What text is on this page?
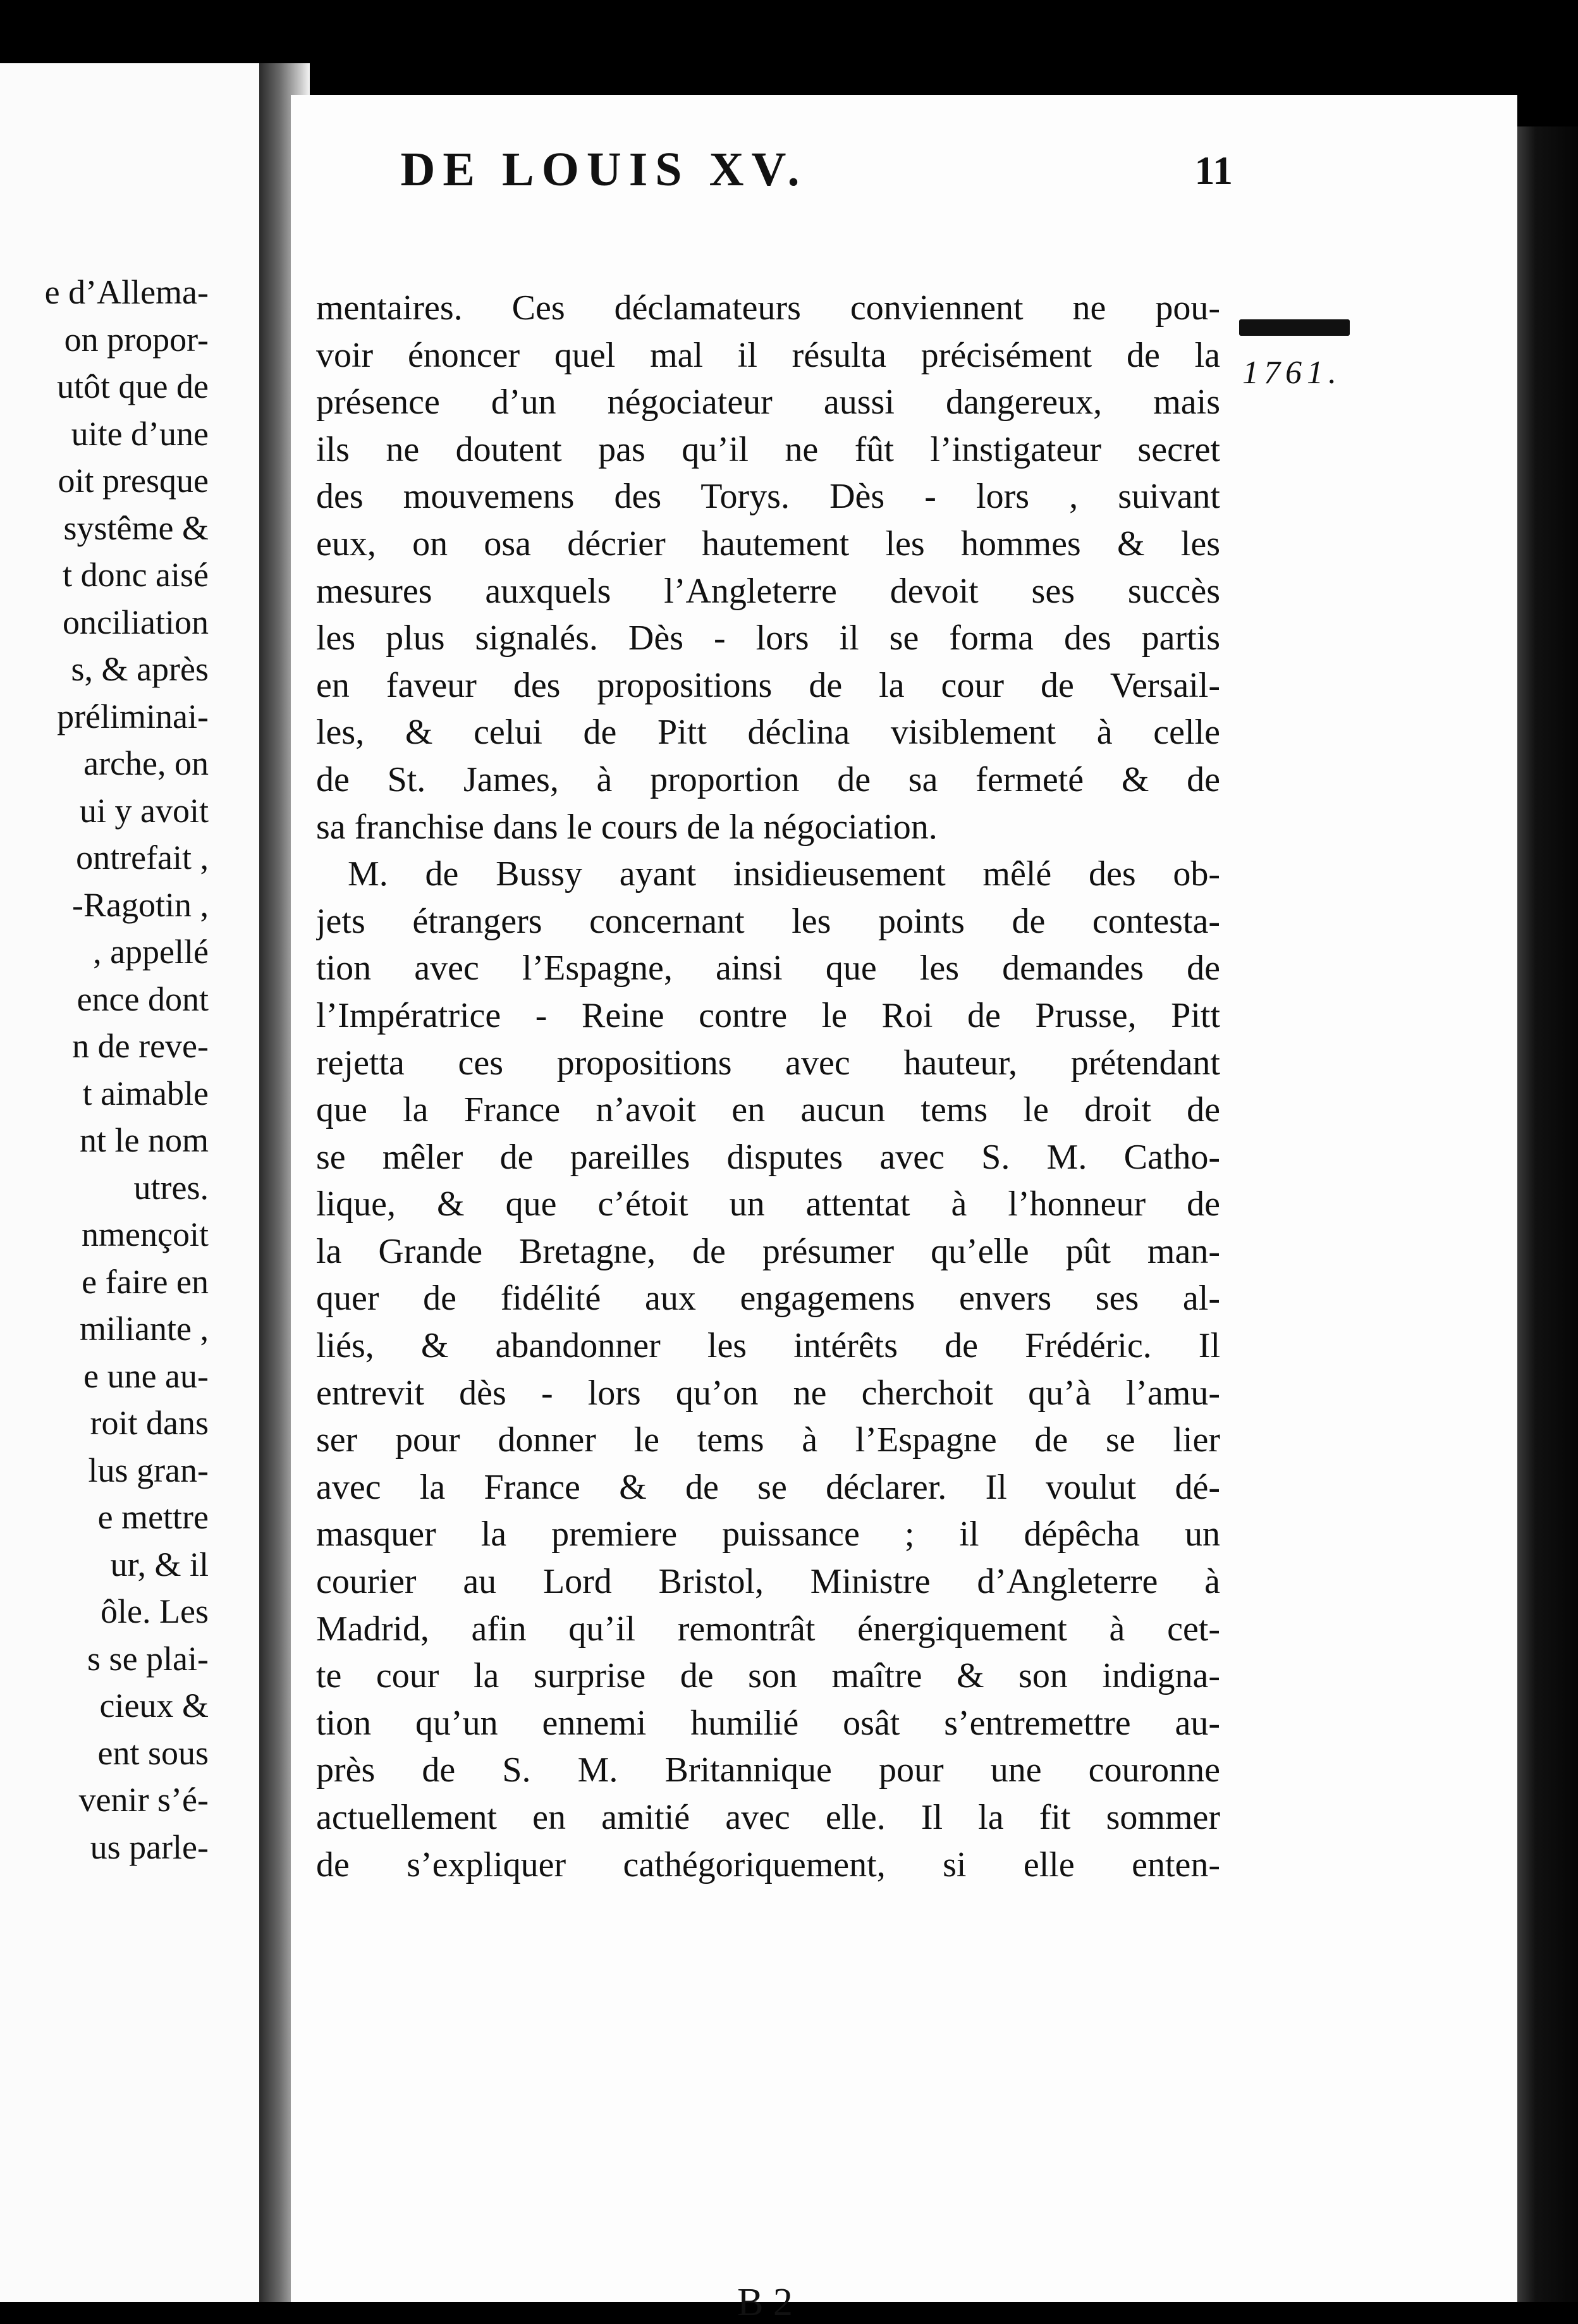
e d’Allema-
on propor-
utôt que de
uite d’une
oit presque
systême &
t donc aisé
onciliation
s, & après
préliminai-
arche, on
ui y avoit
ontrefait ,
-Ragotin ,
, appellé
ence dont
n de reve-
t aimable
nt le nom
utres.
nmençoit
e faire en
miliante ,
e une au-
roit dans
lus gran-
e mettre
ur, & il
ôle. Les
s se plai-
cieux &
ent sous
venir s’é-
us parle-
DE LOUIS XV.	11
1761.
mentaires. Ces déclamateurs conviennent ne pou-
voir énoncer quel mal il résulta précisément de la
présence d’un négociateur aussi dangereux, mais
ils ne doutent pas qu’il ne fût l’instigateur secret
des mouvemens des Torys. Dès - lors , suivant
eux, on osa décrier hautement les hommes & les
mesures auxquels l’Angleterre devoit ses succès
les plus signalés. Dès - lors il se forma des partis
en faveur des propositions de la cour de Versail-
les, & celui de Pitt déclina visiblement à celle
de St. James, à proportion de sa fermeté & de
sa franchise dans le cours de la négociation.
M. de Bussy ayant insidieusement mêlé des ob-
jets étrangers concernant les points de contesta-
tion avec l’Espagne, ainsi que les demandes de
l’Impératrice - Reine contre le Roi de Prusse, Pitt
rejetta ces propositions avec hauteur, prétendant
que la France n’avoit en aucun tems le droit de
se mêler de pareilles disputes avec S. M. Catho-
lique, & que c’étoit un attentat à l’honneur de
la Grande Bretagne, de présumer qu’elle pût man-
quer de fidélité aux engagemens envers ses al-
liés, & abandonner les intérêts de Frédéric. Il
entrevit dès - lors qu’on ne cherchoit qu’à l’amu-
ser pour donner le tems à l’Espagne de se lier
avec la France & de se déclarer. Il voulut dé-
masquer la premiere puissance ; il dépêcha un
courier au Lord Bristol, Ministre d’Angleterre à
Madrid, afin qu’il remontrât énergiquement à cet-
te cour la surprise de son maître & son indigna-
tion qu’un ennemi humilié osât s’entremettre au-
près de S. M. Britannique pour une couronne
actuellement en amitié avec elle. Il la fit sommer
de s’expliquer cathégoriquement, si elle enten-
B 2
